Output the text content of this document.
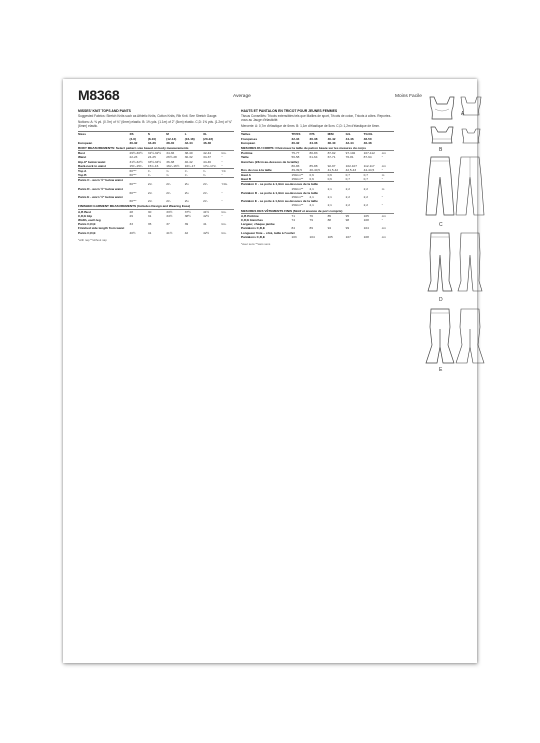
M8368	Average	Moins Facile
MISSES' KNIT TOPS AND PANTS
Suggested Fabrics: Stretch Knits such as Athletic Knits, Cotton Knits, Rib Knit. See Stretch Gauge.
Notions: A: ⅜ yd. (0.7m) of ¾" (6mm) elastic. B: 1⅜ yds. (1.1m) of 2" (5cm) elastic. C,D: 1⅜ yds. (1.2m) of ¾" (6mm) elastic.
Sizes	XS	S	M	L	XL	
	(4-6)	(8-10)	(12-14)	(16-18)	(20-22)	
European	30-32	34-36	38-40	42-44	46-48	
BODY MEASUREMENTS: Select pattern size based on body measurements						
Bust	29½-30½	31½-32½	34-36	38-40	42-44	Ins.
Waist	22-23	24-25	26½-28	30-32	34-37	"
Hip-9" below waist	31½-32½	33½-34½	36-38	40-42	44-46	"
Back-neck to waist	15¾-15¾	15¾-16	16¼-16½	16¾-17	17¼-17¼	"
Top A	60"**	¾	¾	¾	¾	Yd.
Top B	60"**	¾	¾	¾	¾	"
Pants C - worn ½" below waist						
	60"**	2¼	2¼	2¼	2¼	Yds.
Pants D - worn ½" below waist						
	60"**	2¼	2¼	2¼	2¼	"
Pants E - worn ½" below waist						
	60"**	2¼	2¼	2¼	2¼	"
FINISHED GARMENT MEASUREMENTS (Includes Design and Wearing Ease)						
A,B Bust	28	30	33½	37½	41½	Ins.
C,D,E Hip	29	31	34½	38½	42½	"
Width, each leg						
Pants C,D,E	33	35	37	39	41	Ins.
Finished side length from waist						
Pants C,D,E	40½	41	41½	42	42½	Ins.
*with nap **without nap
HAUTS ET PANTALON EN TRICOT POUR JEUNES FEMMES
Tissus Conseillés: Tricots extensibles tels que Mailles de sport, Tricots de coton, Tricots à côtes. Reportez-vous au Jauge d'élasticité.
Mercerie: A: 0,7m d'élastique de 6mm. B: 1,1m d'élastique de 5cm. C,D: 1,2m d'élastique de 6mm.
Tailles	TP/XS	P/S	M/M	G/L	TG/XL	
Françaises	32-34	36-38	40-42	44-46	48-50	
Européen	30-32	34-36	38-40	42-44	46-48	
MESURES DU CORPS: Choisissez la taille du patron basée sur les mesures du corps						
Poitrine	75-77	80-83	87-92	97-102	107-112	cm
Taille	56-58	61-64	67-71	76-81	87-94	"
Hanches (23cm au-dessous de la taille)						
	80-83	85-88	92-97	102-107	112-117	cm
Dos du cou à la taille	39-39,5	40-40,5	41,5-42	42,5-43	44-44,5	"
Haut A	150cm**	0,6	0,6	0,7	0,7	m
Haut B	150cm**	0,6	0,6	0,7	0,7	"
Pantalon C - se porte à 1,3cm au-dessous de la taille						
	150cm**	2,1	2,1	2,2	2,2	m
Pantalon D - se porte à 1,3cm au-dessous de la taille						
	150cm**	2,1	2,1	2,2	2,2	"
Pantalon E - se porte à 1,3cm au-dessous de la taille						
	150cm**	2,1	2,1	2,2	2,2	"
MESURES DES VÊTEMENTS FINIS (Motif et aisance de port compris)						
A,B Poitrine	71	76	85	95	105	cm
C,D,E Hanches	74	79	88	98	108	"
Largeur, chaque jambe						
Pantalons C,D,E	84	89	94	99	104	cm
Longueur finie – côté, taille à l'ourlet						
Pantalons C,D,E	103	104	105	107	108	cm
*avec sens **sans sens
A
B
C
D
E
